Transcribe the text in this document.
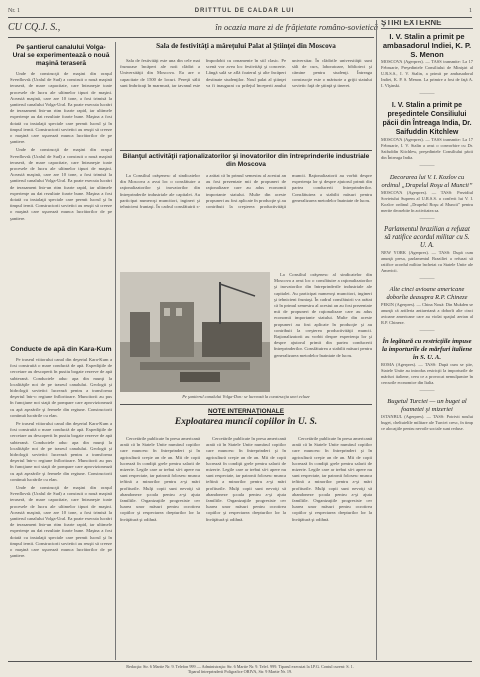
Nr. 1	DRITTTUL DE CALDAR LUI	1
CU CQ.J. S.,	în ocazia mare zi de frăţietate româno-sovietică
Pe şantierul canalului Volga-Ural se experimentează o nouă maşină teraseră

Unde de construcţii de maşini din oraşul Sverdlovsk (Uralul de Sud) a construit o nouă maşină teraseră, de mare capacitate, care întruneşte toate procesele de lucru ale ultimelor tipuri de maşini. Această maşină, care are 10 tone, a fost trimisă la şantierul canalului Volga-Ural. Ea poate executa lucrări de terasament într-un ritm foarte rapid, iar ultimele experienţe au dat rezultate foarte bune. Maşina a fost dotată cu instalaţii speciale care permit lucrul şi în timpul iernii. Constructorii sovietici au reuşit să creeze o maşină care uşurează munca lucrătorilor de pe şantiere.

Unde de construcţii de maşini din oraşul Sverdlovsk (Uralul de Sud) a construit o nouă maşină teraseră, de mare capacitate, care întruneşte toate procesele de lucru ale ultimelor tipuri de maşini. Această maşină, care are 10 tone, a fost trimisă la şantierul canalului Volga-Ural. Ea poate executa lucrări de terasament într-un ritm foarte rapid, iar ultimele experienţe au dat rezultate foarte bune. Maşina a fost dotată cu instalaţii speciale care permit lucrul şi în timpul iernii. Constructorii sovietici au reuşit să creeze o maşină care uşurează munca lucrătorilor de pe şantiere.

Conducte de apă din Kara-Kum

Pe traseul viitorului canal din deşertul Kara-Kum a fost construită o mare conductă de apă. Expediţiile de cercetare au descoperit în pustiu bogate rezerve de apă subterană. Conductele aduc apa din munţi la localităţile noi de pe traseul canalului. Geologii şi hidrologii sovietici lucrează pentru a transforma deşertul într-o regiune înfloritoare. Muncitorii au pus în funcţiune noi staţii de pompare care aprovizionează cu apă aşezările şi fermele din regiune. Constructorii continuă lucrările cu elan.

Pe traseul viitorului canal din deşertul Kara-Kum a fost construită o mare conductă de apă. Expediţiile de cercetare au descoperit în pustiu bogate rezerve de apă subterană. Conductele aduc apa din munţi la localităţile noi de pe traseul canalului. Geologii şi hidrologii sovietici lucrează pentru a transforma deşertul într-o regiune înfloritoare. Muncitorii au pus în funcţiune noi staţii de pompare care aprovizionează cu apă aşezările şi fermele din regiune. Constructorii continuă lucrările cu elan.

Unde de construcţii de maşini din oraşul Sverdlovsk (Uralul de Sud) a construit o nouă maşină teraseră, de mare capacitate, care întruneşte toate procesele de lucru ale ultimelor tipuri de maşini. Această maşină, care are 10 tone, a fost trimisă la şantierul canalului Volga-Ural. Ea poate executa lucrări de terasament într-un ritm foarte rapid, iar ultimele experienţe au dat rezultate foarte bune. Maşina a fost dotată cu instalaţii speciale care permit lucrul şi în timpul iernii. Constructorii sovietici au reuşit să creeze o maşină care uşurează munca lucrătorilor de pe şantiere.

Sala de festivităţi a mărețului Palat al Ştiinţei din Moscova

Sala de festivităţi este una din cele mai frumoase încăperi ale noii clădiri a Universităţii din Moscova. Ea are o capacitate de 1500 de locuri. Pereţii sălii sunt îmbrăcaţi în marmură, iar tavanul este împodobit cu ornamente în stil clasic. Pe scenă vor avea loc festivităţi şi concerte. Lângă sală se află foaierul şi alte încăperi destinate studenţilor. Noul palat al ştiinţei va fi inaugurat cu prilejul începerii anului universitar. În clădirile universităţii sunt săli de curs, laboratoare, biblioteci şi cămine pentru studenţi. Întreaga construcţie este o mărturie a grijii statului sovietic faţă de ştiinţă şi tineret.

Bilanţul activităţii raţionalizatorilor şi inovatorilor din întreprinderile industriale din Moscova

La Consiliul orăşenesc al sindicatelor din Moscova a avut loc o consfătuire a raţionalizatorilor şi inovatorilor din întreprinderile industriale ale capitalei. Au participat numeroşi muncitori, ingineri şi tehnicieni fruntaşi. În cadrul consfătuirii s-a arătat că în primul semestru al acestui an au fost prezentate mii de propuneri de raţionalizare care au adus economii importante statului. Multe din aceste propuneri au fost aplicate în producţie şi au contribuit la creşterea productivităţii muncii. Raţionalizatorii au vorbit despre experienţa lor şi despre ajutorul primit din partea conducerii întreprinderilor. Consfătuirea a stabilit măsuri pentru generalizarea metodelor înaintate de lucru.

La Consiliul orăşenesc al sindicatelor din Moscova a avut loc o consfătuire a raţionalizatorilor şi inovatorilor din întreprinderile industriale ale capitalei. Au participat numeroşi muncitori, ingineri şi tehnicieni fruntaşi. În cadrul consfătuirii s-a arătat că în primul semestru al acestui an au fost prezentate mii de propuneri de raţionalizare care au adus economii importante statului. Multe din aceste propuneri au fost aplicate în producţie şi au contribuit la creşterea productivităţii muncii. Raţionalizatorii au vorbit despre experienţa lor şi despre ajutorul primit din partea conducerii întreprinderilor. Consfătuirea a stabilit măsuri pentru generalizarea metodelor înaintate de lucru.

Pe şantierul canalului Volga-Don: se lucrează la construcţia unei ecluze
NOTE INTERNAŢIONALE
Exploatarea muncii copiilor în U. S.

Cercetările publicate în presa americană arată că în Statele Unite numărul copiilor care muncesc în întreprinderi şi în agricultură creşte an de an. Mii de copii lucrează în condiţii grele pentru salarii de mizerie. Legile care ar trebui să-i apere nu sunt respectate, iar patronii folosesc munca ieftină a minorilor pentru a-şi mări profiturile. Mulţi copii sunt nevoiţi să abandoneze şcoala pentru a-şi ajuta familiile. Organizaţiile progresiste cer luarea unor măsuri pentru ocrotirea copiilor şi respectarea drepturilor lor la învăţătură şi odihnă.

Cercetările publicate în presa americană arată că în Statele Unite numărul copiilor care muncesc în întreprinderi şi în agricultură creşte an de an. Mii de copii lucrează în condiţii grele pentru salarii de mizerie. Legile care ar trebui să-i apere nu sunt respectate, iar patronii folosesc munca ieftină a minorilor pentru a-şi mări profiturile. Mulţi copii sunt nevoiţi să abandoneze şcoala pentru a-şi ajuta familiile. Organizaţiile progresiste cer luarea unor măsuri pentru ocrotirea copiilor şi respectarea drepturilor lor la învăţătură şi odihnă.

Cercetările publicate în presa americană arată că în Statele Unite numărul copiilor care muncesc în întreprinderi şi în agricultură creşte an de an. Mii de copii lucrează în condiţii grele pentru salarii de mizerie. Legile care ar trebui să-i apere nu sunt respectate, iar patronii folosesc munca ieftină a minorilor pentru a-şi mări profiturile. Mulţi copii sunt nevoiţi să abandoneze şcoala pentru a-şi ajuta familiile. Organizaţiile progresiste cer luarea unor măsuri pentru ocrotirea copiilor şi respectarea drepturilor lor la învăţătură şi odihnă.

ŞTIRI EXTERNE
I. V. Stalin a primit pe ambasadorul Indiei, K. P. S. Menon
MOSCOVA (Agerpres). — TASS transmite: La 17 Februarie, Preşedintele Consiliului de Miniştri al U.R.S.S., I. V. Stalin, a primit pe ambasadorul Indiei, K. P. S. Menon. La primire a fost de faţă A. I. Vîşinski.
———
I. V. Stalin a primit pe preşedintele Consiliului păcii din Întreaga India, Dr. Saifuddin Kitchlew
MOSCOVA (Agerpres). — TASS transmite: La 17 Februarie, I. V. Stalin a avut o convorbire cu Dr. Saifuddin Kitchlew, preşedintele Consiliului păcii din Întreaga India.
———
Decorarea lui V. I. Kozlov cu ordinul „Drapelul Roşu al Muncii”
MOSCOVA (Agerpres). — TASS: Prezidiul Sovietului Suprem al U.R.S.S. a conferit lui V. I. Kozlov ordinul „Drapelul Roşu al Muncii” pentru merite deosebite în activitatea sa.
———
Parlamentul brazilian a refuzat să ratifice acordul militar cu S. U. A.
NEW YORK (Agerpres). — TASS: După cum anunţă presa, parlamentul Braziliei a refuzat să ratifice acordul militar încheiat cu Statele Unite ale Americii.
———
Alte cinci avioane americane doborîte deasupra R.P. Chineze
PEKIN (Agerpres). — China Nouă: Din Mukden se anunţă că artileria antiaeriană a doborît alte cinci avioane americane care au violat spaţiul aerian al R.P. Chineze.
———
În legătură cu restricţiile impuse la importurile de mărfuri italiene în S. U. A.
ROMA (Agerpres). — TASS: După cum se ştie, Statele Unite au introdus restricţii la importurile de mărfuri italiene, ceea ce a provocat nemulţumire în cercurile economice din Italia.
———
Bugetul Turciei — un buget al foametei şi mizeriei
ISTANBUL (Agerpres). — TASS: Potrivit noului buget, cheltuielile militare ale Turciei cresc, în timp ce alocaţiile pentru nevoile sociale sunt reduse.
Redacţia: Str. 6 Martie Nr. 9. Telefon 999 — Administraţia: Str. 6 Martie Nr. 9. Telef. 999. Tiparul executat la I.P.G. Contul curent: S. 1.
Tiparul întreprinderii Poligrafice ORIVA, Str. 9 Martie Nr. 19.
